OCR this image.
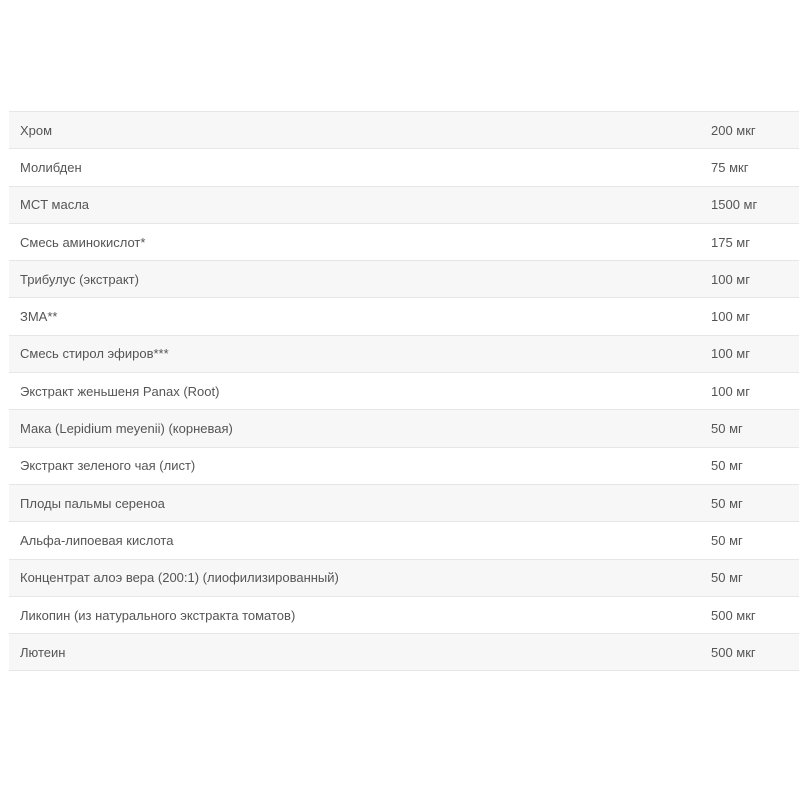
Хром	200 мкг
Молибден	75 мкг
MCT масла	1500 мг
Смесь аминокислот*	175 мг
Трибулус (экстракт)	100 мг
ЗМА**	100 мг
Смесь стирол эфиров***	100 мг
Экстракт женьшеня Panax (Root)	100 мг
Мака (Lepidium meyenii) (корневая)	50 мг
Экстракт зеленого чая (лист)	50 мг
Плоды пальмы сереноа	50 мг
Альфа-липоевая кислота	50 мг
Концентрат алоэ вера (200:1) (лиофилизированный)	50 мг
Ликопин (из натурального экстракта томатов)	500 мкг
Лютеин	500 мкг
